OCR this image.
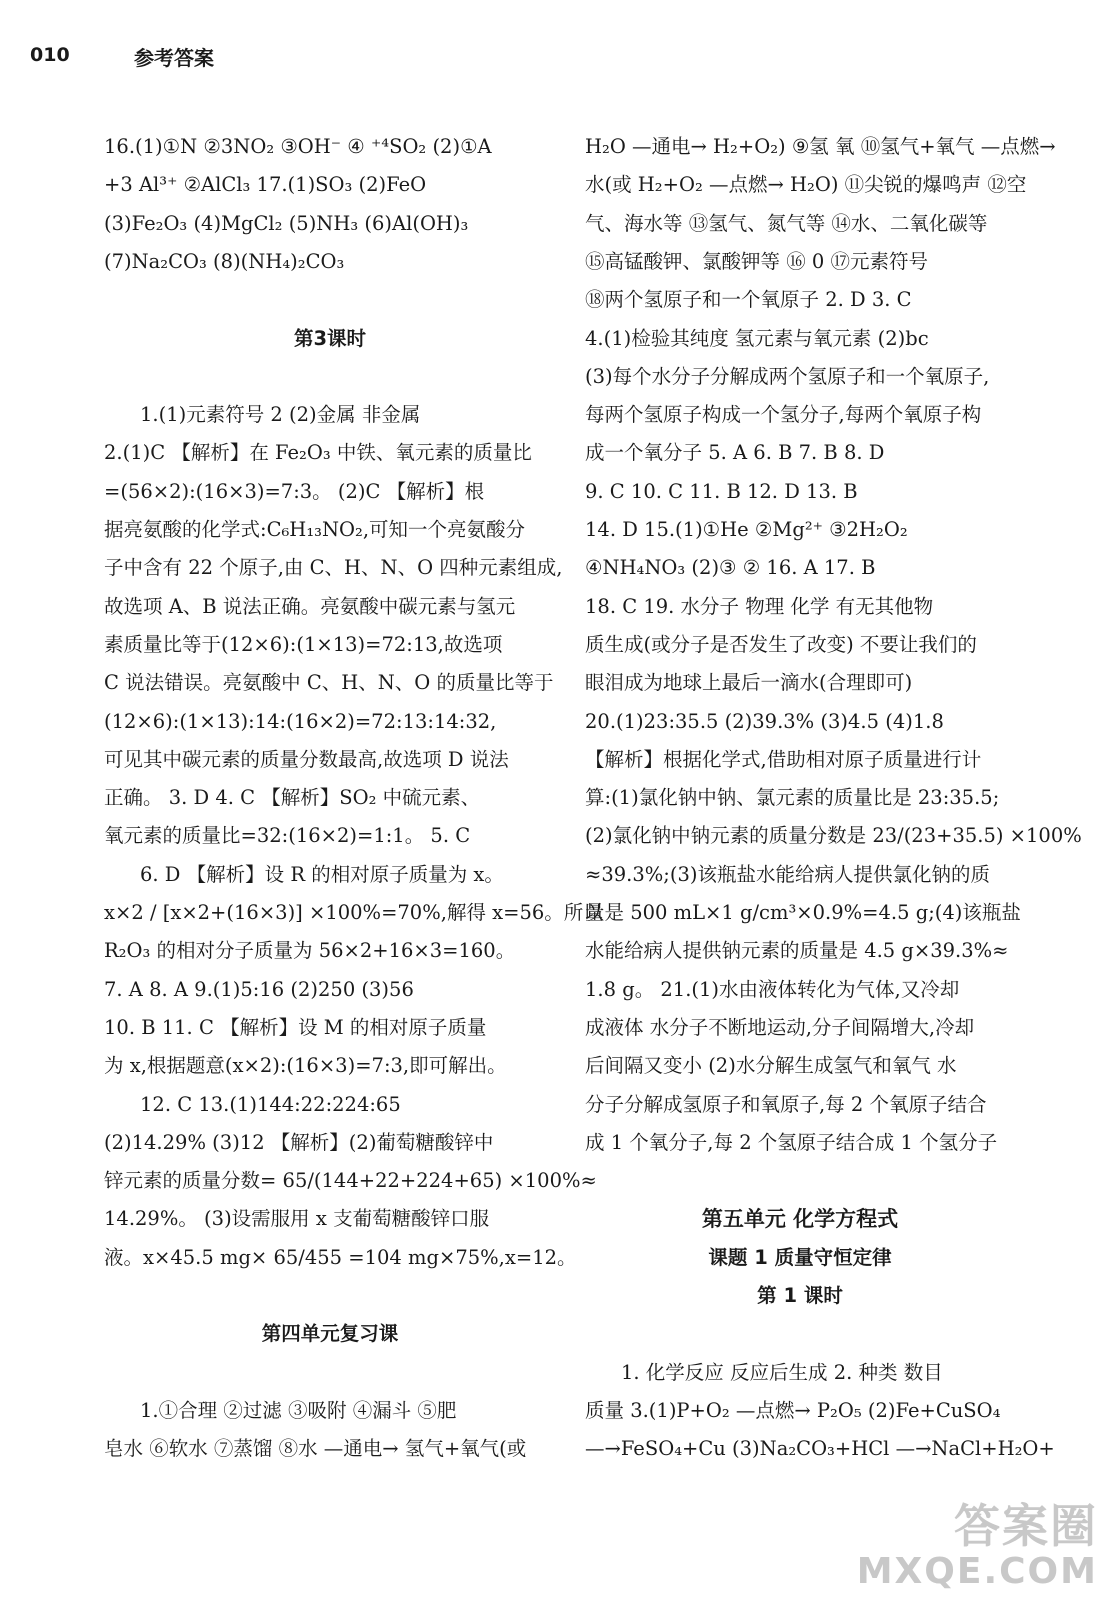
010	参考答案
16.(1)①N ②3NO₂ ③OH⁻ ④ ⁺⁴SO₂ (2)①A
+3 Al³⁺ ②AlCl₃ 17.(1)SO₃ (2)FeO
(3)Fe₂O₃ (4)MgCl₂ (5)NH₃ (6)Al(OH)₃
(7)Na₂CO₃ (8)(NH₄)₂CO₃
第3课时
1.(1)元素符号 2 (2)金属 非金属
2.(1)C 【解析】在 Fe₂O₃ 中铁、氧元素的质量比
=(56×2):(16×3)=7:3。 (2)C 【解析】根
据亮氨酸的化学式:C₆H₁₃NO₂,可知一个亮氨酸分
子中含有 22 个原子,由 C、H、N、O 四种元素组成,
故选项 A、B 说法正确。亮氨酸中碳元素与氢元
素质量比等于(12×6):(1×13)=72:13,故选项
C 说法错误。亮氨酸中 C、H、N、O 的质量比等于
(12×6):(1×13):14:(16×2)=72:13:14:32,
可见其中碳元素的质量分数最高,故选项 D 说法
正确。 3. D 4. C 【解析】SO₂ 中硫元素、
氧元素的质量比=32:(16×2)=1:1。 5. C
6. D 【解析】设 R 的相对原子质量为 x。
x×2 / [x×2+(16×3)] ×100%=70%,解得 x=56。所以
R₂O₃ 的相对分子质量为 56×2+16×3=160。
7. A 8. A 9.(1)5:16 (2)250 (3)56
10. B 11. C 【解析】设 M 的相对原子质量
为 x,根据题意(x×2):(16×3)=7:3,即可解出。
12. C 13.(1)144:22:224:65
(2)14.29% (3)12 【解析】(2)葡萄糖酸锌中
锌元素的质量分数= 65/(144+22+224+65) ×100%≈
14.29%。 (3)设需服用 x 支葡萄糖酸锌口服
液。x×45.5 mg× 65/455 =104 mg×75%,x=12。
第四单元复习课
1.①合理 ②过滤 ③吸附 ④漏斗 ⑤肥
皂水 ⑥软水 ⑦蒸馏 ⑧水 —通电→ 氢气+氧气(或
H₂O —通电→ H₂+O₂) ⑨氢 氧 ⑩氢气+氧气 —点燃→
水(或 H₂+O₂ —点燃→ H₂O) ⑪尖锐的爆鸣声 ⑫空
气、海水等 ⑬氢气、氮气等 ⑭水、二氧化碳等
⑮高锰酸钾、氯酸钾等 ⑯ 0 ⑰元素符号
⑱两个氢原子和一个氧原子 2. D 3. C
4.(1)检验其纯度 氢元素与氧元素 (2)bc
(3)每个水分子分解成两个氢原子和一个氧原子,
每两个氢原子构成一个氢分子,每两个氧原子构
成一个氧分子 5. A 6. B 7. B 8. D
9. C 10. C 11. B 12. D 13. B
14. D 15.(1)①He ②Mg²⁺ ③2H₂O₂
④NH₄NO₃ (2)③ ② 16. A 17. B
18. C 19. 水分子 物理 化学 有无其他物
质生成(或分子是否发生了改变) 不要让我们的
眼泪成为地球上最后一滴水(合理即可)
20.(1)23:35.5 (2)39.3% (3)4.5 (4)1.8
【解析】根据化学式,借助相对原子质量进行计
算:(1)氯化钠中钠、氯元素的质量比是 23:35.5;
(2)氯化钠中钠元素的质量分数是 23/(23+35.5) ×100%
≈39.3%;(3)该瓶盐水能给病人提供氯化钠的质
量是 500 mL×1 g/cm³×0.9%=4.5 g;(4)该瓶盐
水能给病人提供钠元素的质量是 4.5 g×39.3%≈
1.8 g。 21.(1)水由液体转化为气体,又冷却
成液体 水分子不断地运动,分子间隔增大,冷却
后间隔又变小 (2)水分解生成氢气和氧气 水
分子分解成氢原子和氧原子,每 2 个氧原子结合
成 1 个氧分子,每 2 个氢原子结合成 1 个氢分子
第五单元 化学方程式
课题 1 质量守恒定律
第 1 课时
1. 化学反应 反应后生成 2. 种类 数目
质量 3.(1)P+O₂ —点燃→ P₂O₅ (2)Fe+CuSO₄
—→FeSO₄+Cu (3)Na₂CO₃+HCl —→NaCl+H₂O+
答案圈
MXQE.COM
